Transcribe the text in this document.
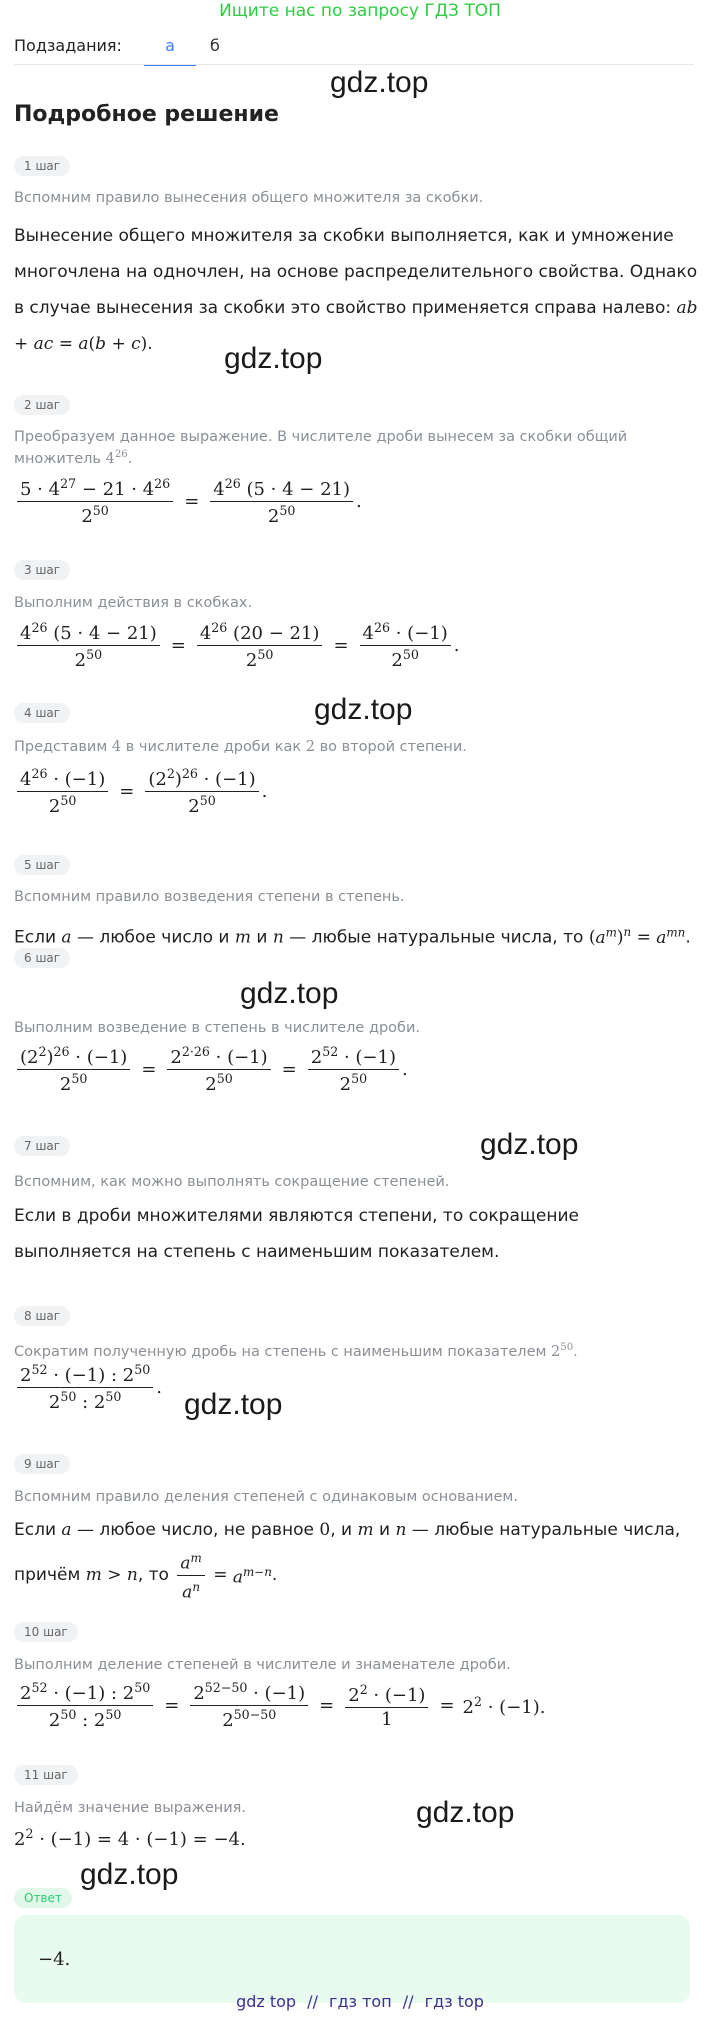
Ищите нас по запросу ГДЗ ТОП
Подзадания:	а	б
gdz.top
Подробное решение
1 шаг
Вспомним правило вынесения общего множителя за скобки.
Вынесение общего множителя за скобки выполняется, как и умножение многочлена на одночлен, на основе распределительного свойства. Однако в случае вынесения за скобки это свойство применяется справа налево: ab + ac = a(b + c).	gdz.top
2 шаг
Преобразуем данное выражение. В числителе дроби вынесем за скобки общий множитель $4^{26}$.
$\frac{5 \cdot 4^{27} - 21 \cdot 4^{26}}{2^{50}} = \frac{4^{26} (5 \cdot 4 - 21)}{2^{50}}$ .
3 шаг
Выполним действия в скобках.
$\frac{4^{26} (5 \cdot 4 - 21)}{2^{50}} = \frac{4^{26} (20 - 21)}{2^{50}} = \frac{4^{26} \cdot (-1)}{2^{50}}$ .
gdz.top
4 шаг
Представим 4 в числителе дроби как 2 во второй степени.
$\frac{4^{26} \cdot (-1)}{2^{50}} = \frac{(2^2)^{26} \cdot (-1)}{2^{50}}$ .
5 шаг
Вспомним правило возведения степени в степень.
Если a — любое число и m и n — любые натуральные числа, то $(a^m)^n = a^{mn}$.
gdz.top
6 шаг
Выполним возведение в степень в числителе дроби.
$\frac{(2^2)^{26} \cdot (-1)}{2^{50}} = \frac{2^{2\cdot 26} \cdot (-1)}{2^{50}} = \frac{2^{52} \cdot (-1)}{2^{50}}$ .
gdz.top
7 шаг
Вспомним, как можно выполнять сокращение степеней.
Если в дроби множителями являются степени, то сокращение выполняется на степень с наименьшим показателем.
8 шаг
Сократим полученную дробь на степень с наименьшим показателем $2^{50}$.
$\frac{2^{52} \cdot (-1) : 2^{50}}{2^{50} : 2^{50}}$ .
gdz.top
9 шаг
Вспомним правило деления степеней с одинаковым основанием.
Если a — любое число, не равное 0, и m и n — любые натуральные числа,
причём
m
>
n , то
$\frac{a^m}{a^n}$
=
$a^{m-n}$ .
10 шаг
Выполним деление степеней в числителе и знаменателе дроби.
$\frac{2^{52} \cdot (-1) : 2^{50}}{2^{50} : 2^{50}} = \frac{2^{52-50} \cdot (-1)}{2^{50-50}} = \frac{2^2 \cdot (-1)}{1} = 2^2 \cdot (-1)$.
11 шаг
Найдём значение выражения.
$2^2 \cdot (-1) = 4 \cdot (-1) = -4$.
gdz.top
Ответ
gdz.top
−4.
gdz top // гдз топ // гдз top
